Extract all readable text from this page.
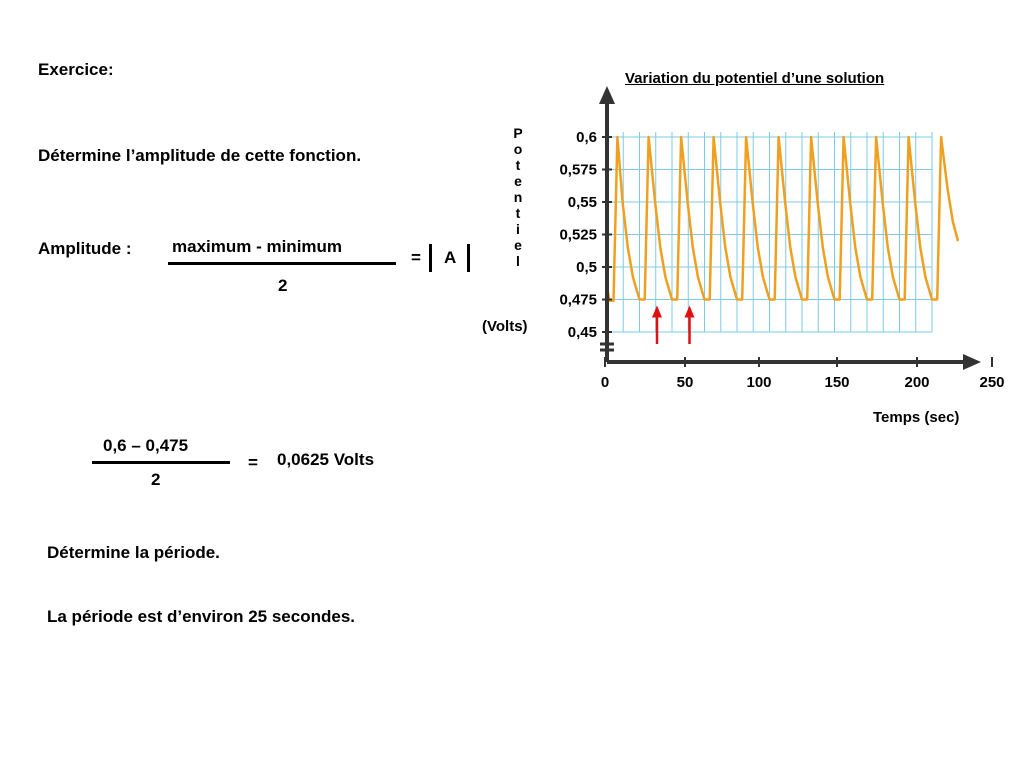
Exercice:
Détermine l’amplitude de cette fonction.
Amplitude : maximum - minimum
2
= A
0,6 – 0,475
2
= 0,0625 Volts
Détermine la période.
La période est d’environ 25 secondes.
Variation du potentiel d’une solution
P
o
t
e
n
t
i
e
l
(Volts)
Temps (sec)
0,45
0,475
0,5
0,525
0,55
0,575
0,6
0	50	100	150	200	250
